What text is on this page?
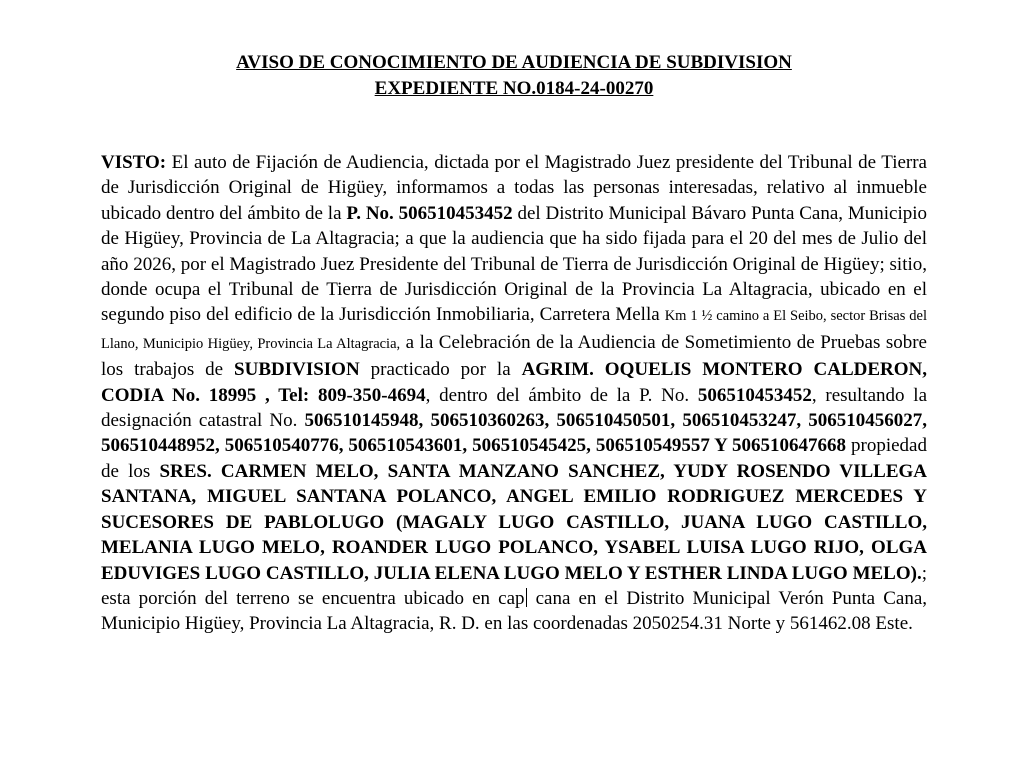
AVISO DE CONOCIMIENTO DE AUDIENCIA DE SUBDIVISION
EXPEDIENTE NO.0184-24-00270

VISTO: El auto de Fijación de Audiencia, dictada por el Magistrado Juez presidente del Tribunal de Tierra de Jurisdicción Original de Higüey, informamos a todas las personas interesadas, relativo al inmueble ubicado dentro del ámbito de la P. No. 506510453452 del Distrito Municipal Bávaro Punta Cana, Municipio de Higüey, Provincia de La Altagracia; a que la audiencia que ha sido fijada para el 20 del mes de Julio del año 2026, por el Magistrado Juez Presidente del Tribunal de Tierra de Jurisdicción Original de Higüey; sitio, donde ocupa el Tribunal de Tierra de Jurisdicción Original de la Provincia La Altagracia, ubicado en el segundo piso del edificio de la Jurisdicción Inmobiliaria, Carretera Mella Km 1 ½ camino a El Seibo, sector Brisas del Llano, Municipio Higüey, Provincia La Altagracia, a la Celebración de la Audiencia de Sometimiento de Pruebas sobre los trabajos de SUBDIVISION practicado por la AGRIM. OQUELIS MONTERO CALDERON, CODIA No. 18995 , Tel: 809-350-4694, dentro del ámbito de la P. No. 506510453452, resultando la designación catastral No. 506510145948, 506510360263, 506510450501, 506510453247, 506510456027, 506510448952, 506510540776, 506510543601, 506510545425, 506510549557 Y 506510647668 propiedad de los SRES. CARMEN MELO, SANTA MANZANO SANCHEZ, YUDY ROSENDO VILLEGA SANTANA, MIGUEL SANTANA POLANCO, ANGEL EMILIO RODRIGUEZ MERCEDES Y SUCESORES DE PABLOLUGO (MAGALY LUGO CASTILLO, JUANA LUGO CASTILLO, MELANIA LUGO MELO, ROANDER LUGO POLANCO, YSABEL LUISA LUGO RIJO, OLGA EDUVIGES LUGO CASTILLO, JULIA ELENA LUGO MELO Y ESTHER LINDA LUGO MELO).; esta porción del terreno se encuentra ubicado en cap cana en el Distrito Municipal Verón Punta Cana, Municipio Higüey, Provincia La Altagracia, R. D. en las coordenadas 2050254.31 Norte y 561462.08 Este.
